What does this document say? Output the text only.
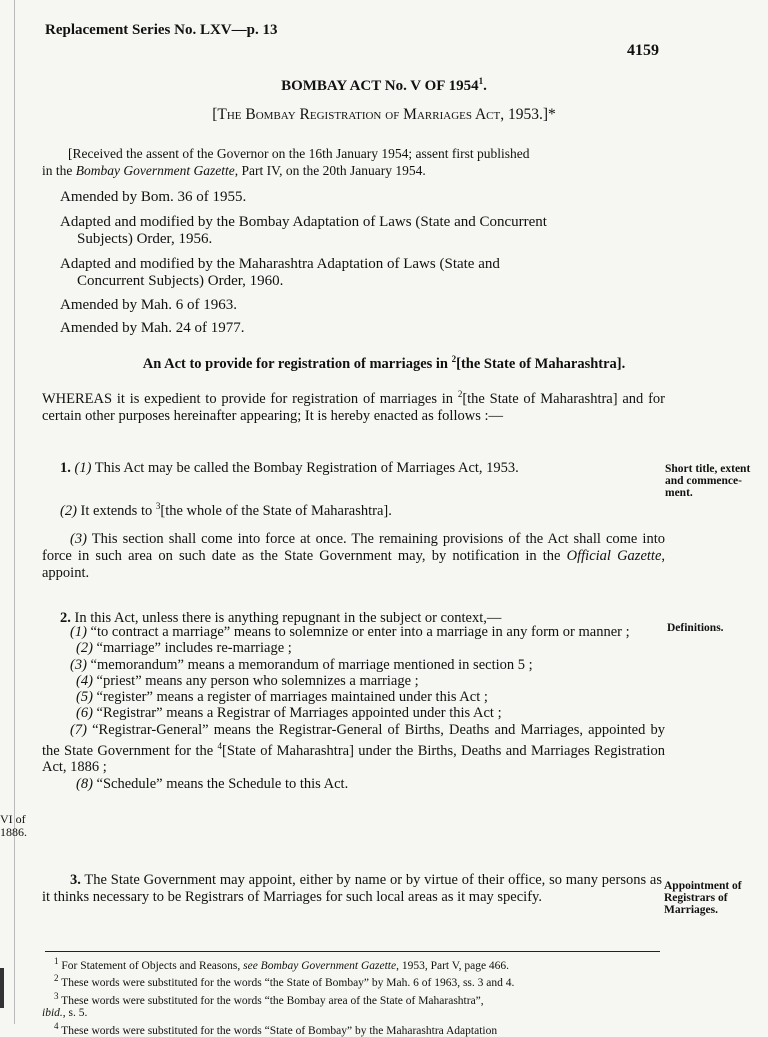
Replacement Series No. LXV—p. 13
4159
BOMBAY ACT No. V OF 1954$^1$.
[The Bombay Registration of Marriages Act, 1953.]*
[Received the assent of the Governor on the 16th January 1954; assent first published
in the Bombay Government Gazette, Part IV, on the 20th January 1954.
Amended by Bom. 36 of 1955.
Adapted and modified by the Bombay Adaptation of Laws (State and Concurrent
Subjects) Order, 1956.
Adapted and modified by the Maharashtra Adaptation of Laws (State and
Concurrent Subjects) Order, 1960.
Amended by Mah. 6 of 1963.
Amended by Mah. 24 of 1977.
An Act to provide for registration of marriages in $^2$[the State of Maharashtra].
WHEREAS it is expedient to provide for registration of marriages in $^2$[the State of Maharashtra] and for certain other purposes hereinafter appearing; It is hereby enacted as follows :—
1. (1) This Act may be called the Bombay Registration of Marriages Act, 1953.
(2) It extends to $^3$[the whole of the State of Maharashtra].
(3) This section shall come into force at once. The remaining provisions of the Act shall come into force in such area on such date as the State Government may, by notification in the Official Gazette, appoint.
Short title, extent and commence-ment.
2. In this Act, unless there is anything repugnant in the subject or context,—
Definitions.
(1) “to contract a marriage” means to solemnize or enter into a marriage in any form or manner ;
(2) “marriage” includes re-marriage ;
(3) “memorandum” means a memorandum of marriage mentioned in section 5 ;
(4) “priest” means any person who solemnizes a marriage ;
(5) “register” means a register of marriages maintained under this Act ;
(6) “Registrar” means a Registrar of Marriages appointed under this Act ;
(7) “Registrar-General” means the Registrar-General of Births, Deaths and Marriages, appointed by the State Government for the $^4$[State of Maharashtra] under the Births, Deaths and Marriages Registration Act, 1886 ;
(8) “Schedule” means the Schedule to this Act.
VI of
1886.
3. The State Government may appoint, either by name or by virtue of their office, so many persons as it thinks necessary to be Registrars of Marriages for such local areas as it may specify.
Appointment of Registrars of Marriages.
$^1$ For Statement of Objects and Reasons, see Bombay Government Gazette, 1953, Part V, page 466.
$^2$ These words were substituted for the words “the State of Bombay” by Mah. 6 of 1963, ss. 3 and 4.
$^3$ These words were substituted for the words “the Bombay area of the State of Maharashtra”,
ibid., s. 5.
$^4$ These words were substituted for the words “State of Bombay” by the Maharashtra Adaptation
